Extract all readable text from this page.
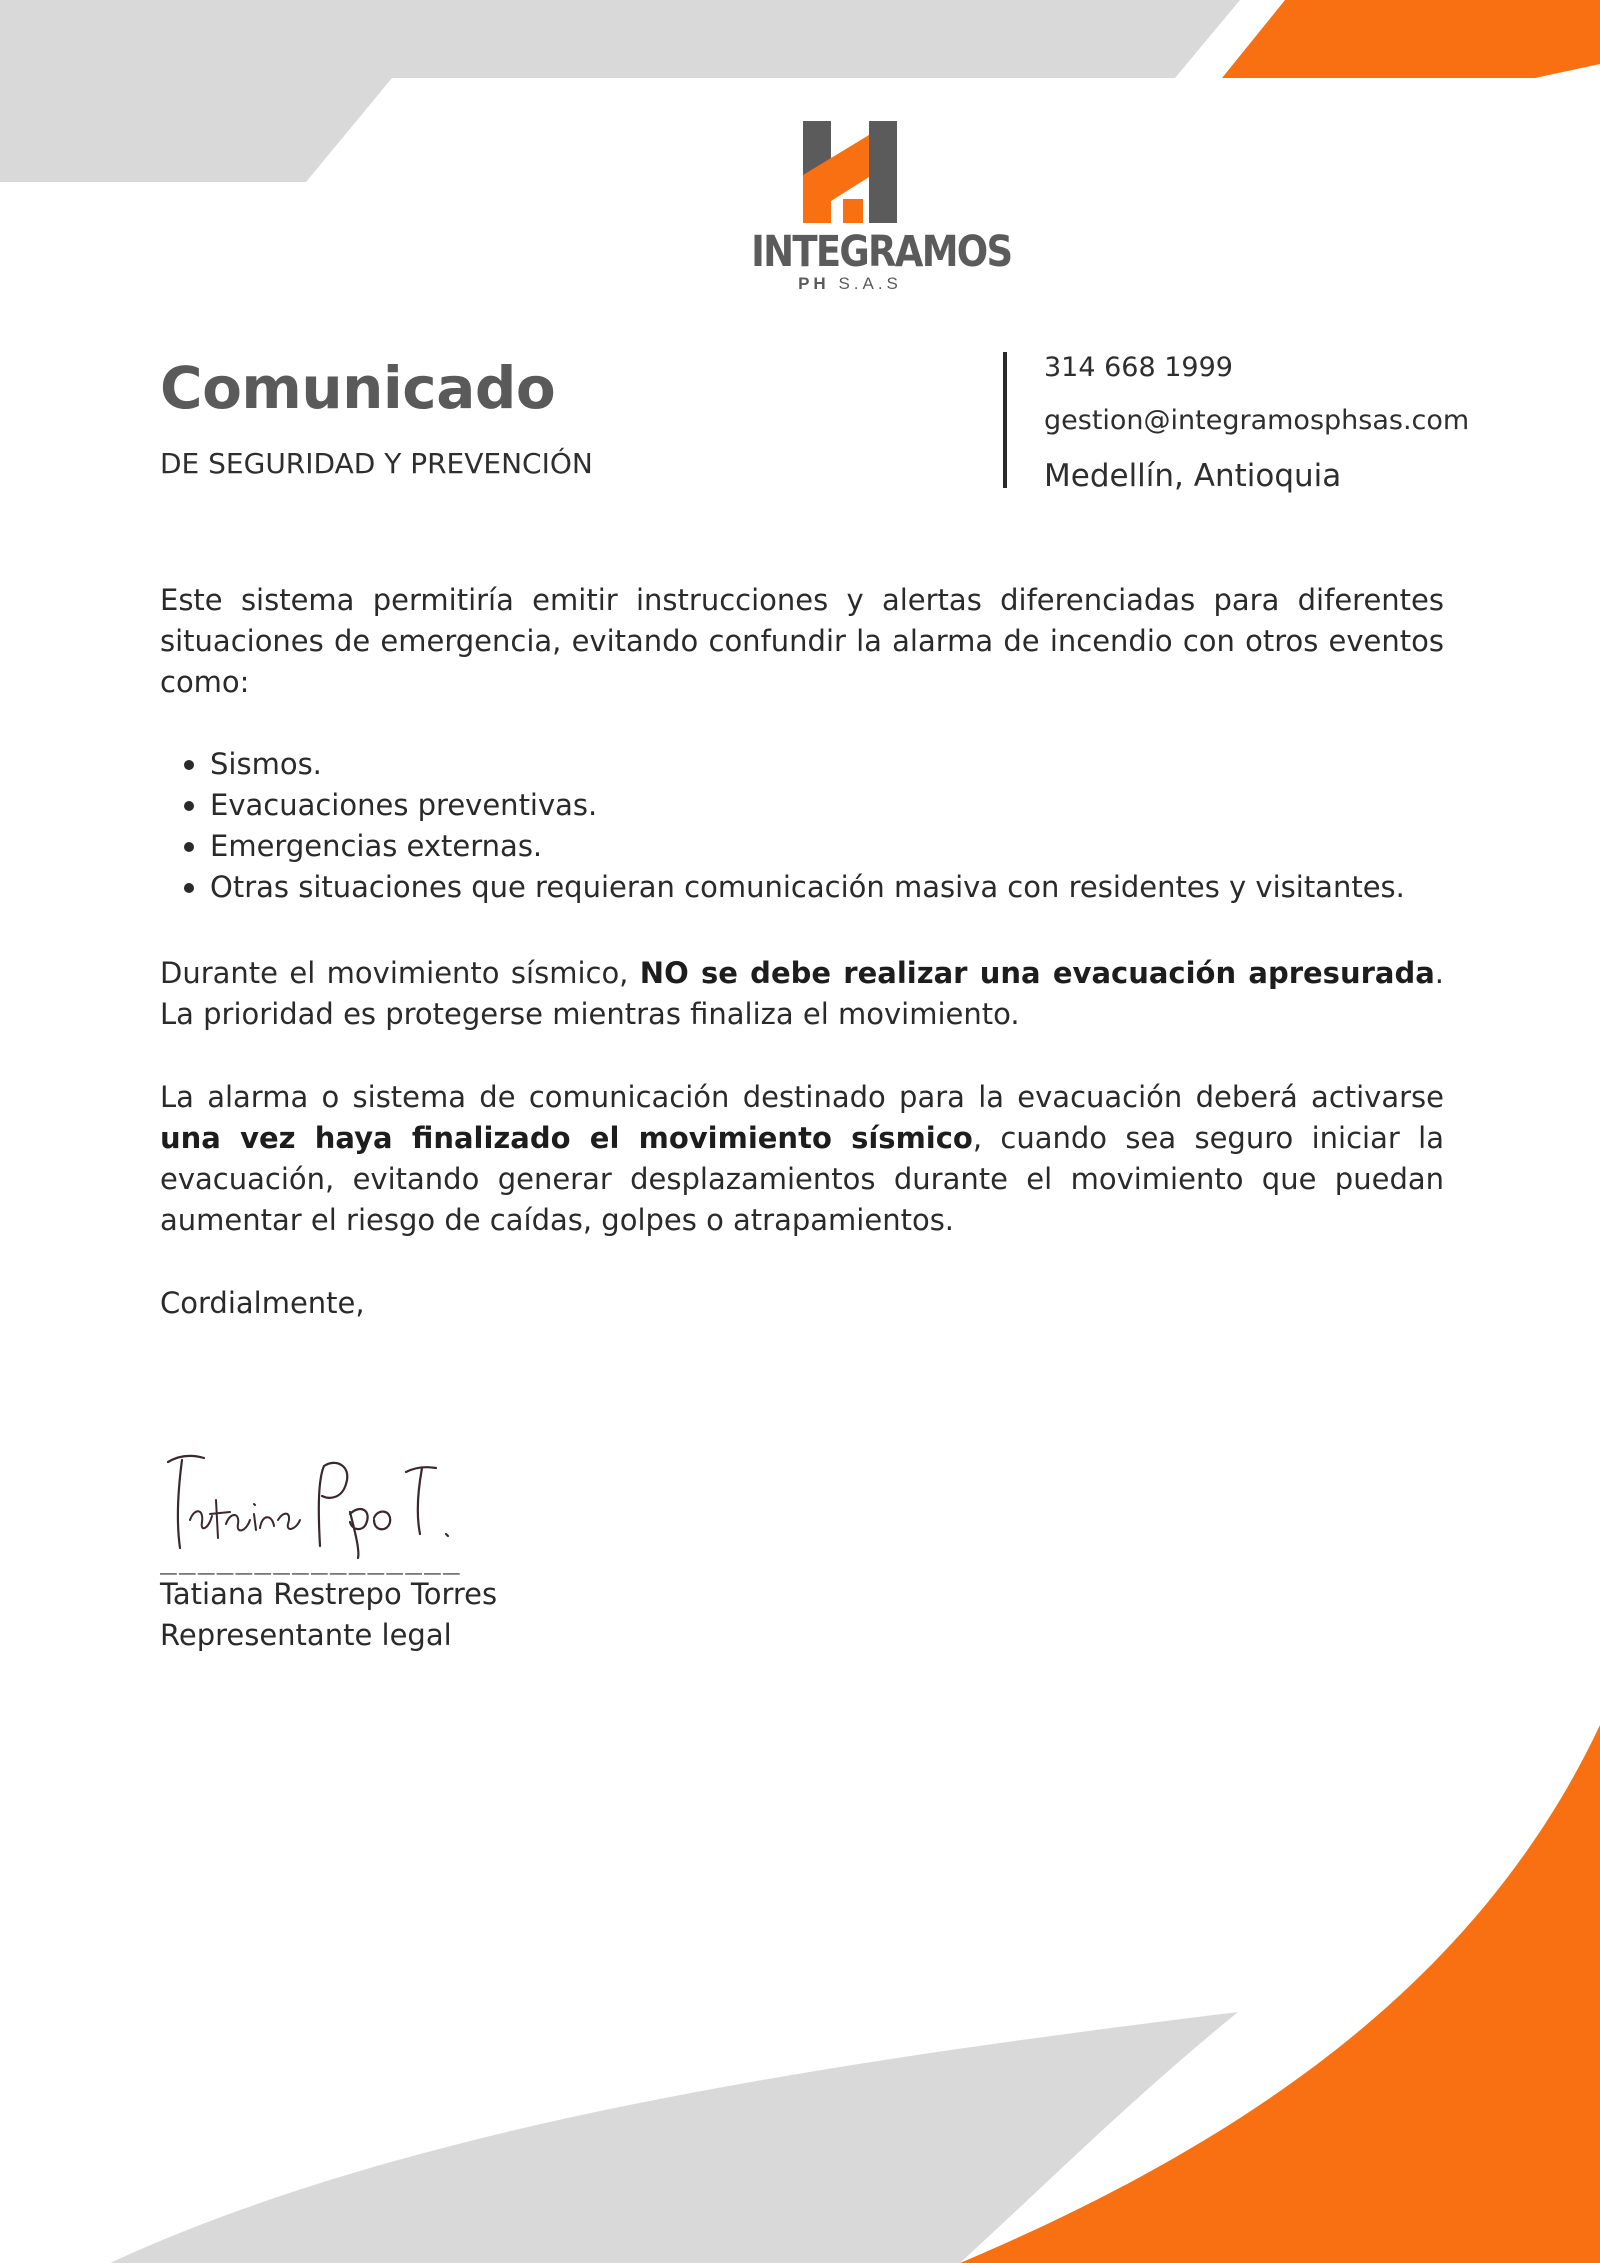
INTEGRAMOS
PH S.A.S
Comunicado
DE SEGURIDAD Y PREVENCIÓN
314 668 1999
gestion@integramosphsas.com
Medellín, Antioquia

Este sistema permitiría emitir instrucciones y alertas diferenciadas para diferentes situaciones de emergencia, evitando confundir la alarma de incendio con otros eventos como:

Sismos.
Evacuaciones preventivas.
Emergencias externas.
Otras situaciones que requieran comunicación masiva con residentes y visitantes.

Durante el movimiento sísmico, NO se debe realizar una evacuación apresurada. La prioridad es protegerse mientras finaliza el movimiento.

La alarma o sistema de comunicación destinado para la evacuación deberá activarse una vez haya finalizado el movimiento sísmico, cuando sea seguro iniciar la evacuación, evitando generar desplazamientos durante el movimiento que puedan aumentar el riesgo de caídas, golpes o atrapamientos.

Cordialmente,

________________
Tatiana Restrepo Torres
Representante legal
